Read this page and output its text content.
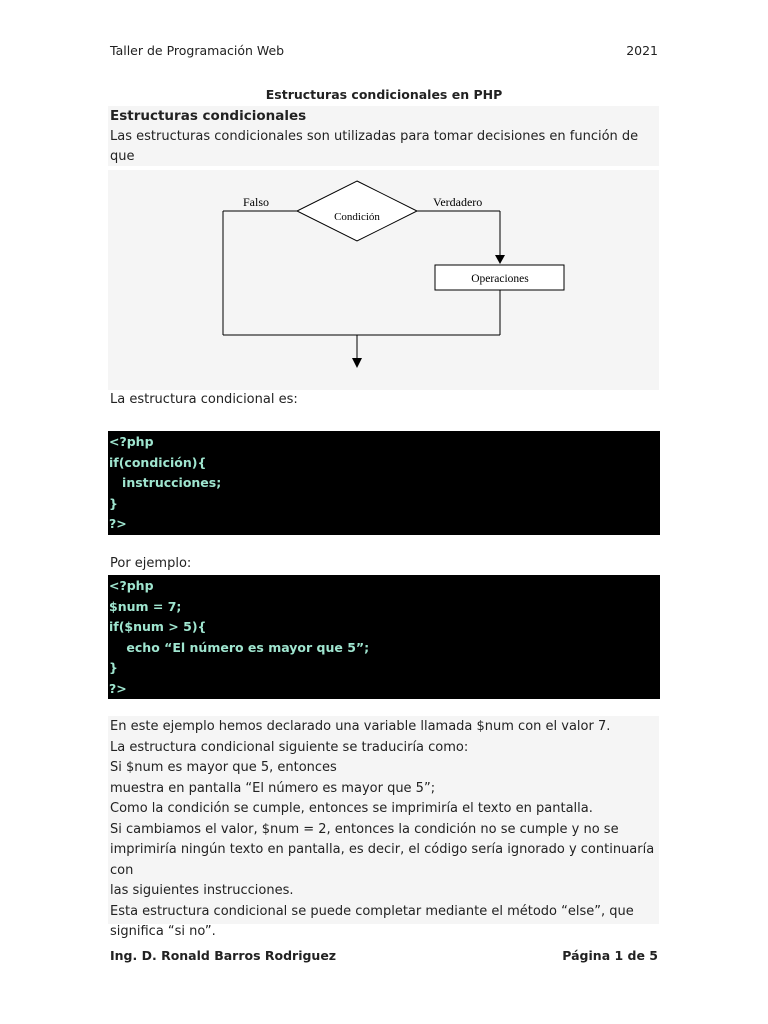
Taller de Programación Web	2021
Estructuras condicionales en PHP

Estructuras condicionales

Las estructuras condicionales son utilizadas para tomar decisiones en función de que

Condición
Falso	Verdadero
Operaciones

La estructura condicional es:

<?php
if(condición){
instrucciones;
}
?>

Por ejemplo:

<?php
$num = 7;
if($num > 5){
echo “El número es mayor que 5”;
}
?>

En este ejemplo hemos declarado una variable llamada $num con el valor 7.

La estructura condicional siguiente se traduciría como:

Si $num es mayor que 5, entonces

muestra en pantalla “El número es mayor que 5”;

Como la condición se cumple, entonces se imprimiría el texto en pantalla.

Si cambiamos el valor, $num = 2, entonces la condición no se cumple y no se

imprimiría ningún texto en pantalla, es decir, el código sería ignorado y continuaría con

las siguientes instrucciones.

Esta estructura condicional se puede completar mediante el método “else”, que

significa “si no”.

Ing. D. Ronald Barros Rodriguez	Página 1 de 5
